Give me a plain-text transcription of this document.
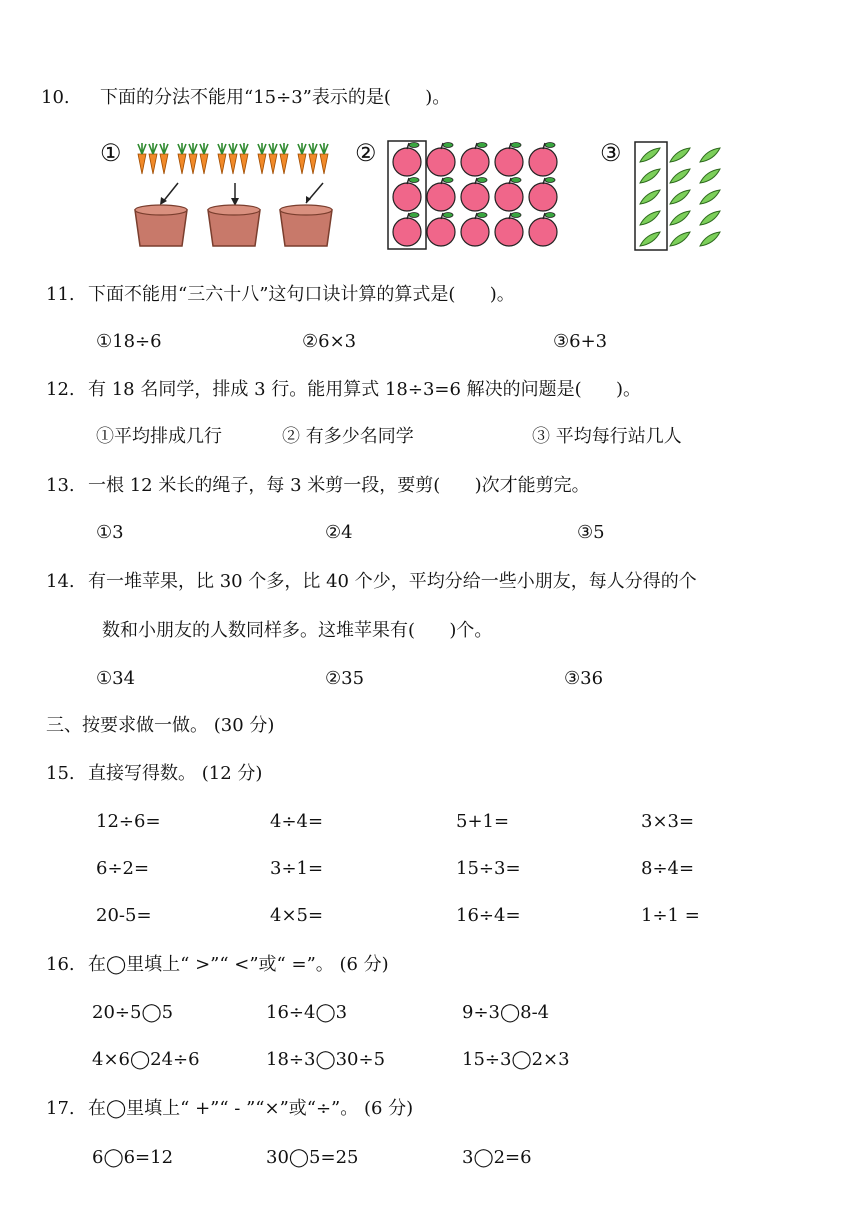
10. 下面的分法不能用“15÷3”表示的是(      )。
①	②	③
11. 下面不能用“三六十八”这句口诀计算的算式是(      )。
①18÷6	②6×3	③6+3
12. 有 18 名同学，排成 3 行。能用算式 18÷3=6 解决的问题是(      )。
①平均排成几行	② 有多少名同学	③ 平均每行站几人
13. 一根 12 米长的绳子，每 3 米剪一段，要剪(      )次才能剪完。
①3	②4	③5
14. 有一堆苹果，比 30 个多，比 40 个少，平均分给一些小朋友，每人分得的个
数和小朋友的人数同样多。这堆苹果有(      )个。
①34	②35	③36
三、按要求做一做。 (30 分)
15. 直接写得数。 (12 分)
12÷6=	4÷4=	5+1=	3×3=
6÷2=	3÷1=	15÷3=	8÷4=
20-5=	4×5=	16÷4=	1÷1 =
16. 在◯里填上“ >”“ <”或“ =”。 (6 分)
20÷5◯5	16÷4◯3	9÷3◯8-4
4×6◯24÷6	18÷3◯30÷5	15÷3◯2×3
17. 在◯里填上“ +”“ - ”“×”或“÷”。 (6 分)
6◯6=12	30◯5=25	3◯2=6
